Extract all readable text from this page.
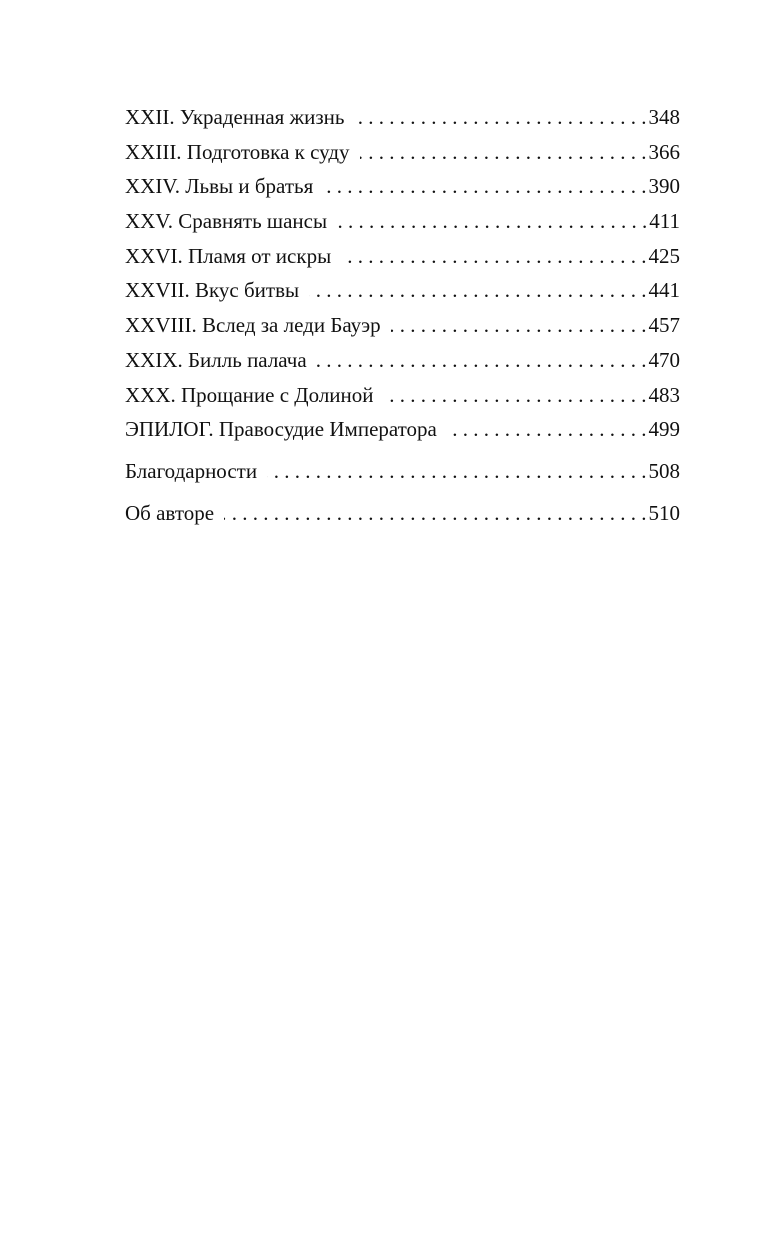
XXII. Украденная жизнь . . .	348
XXIII. Подготовка к суду . . .	366
XXIV. Львы и братья . . .	390
XXV. Сравнять шансы . . .	411
XXVI. Пламя от искры . . .	425
XXVII. Вкус битвы . . .	441
XXVIII. Вслед за леди Бауэр . . .	457
XXIX. Билль палача . . .	470
XXX. Прощание с Долиной . . .	483
ЭПИЛОГ. Правосудие Императора . . .	499
Благодарности . . .	508
Об авторе . . .	510
